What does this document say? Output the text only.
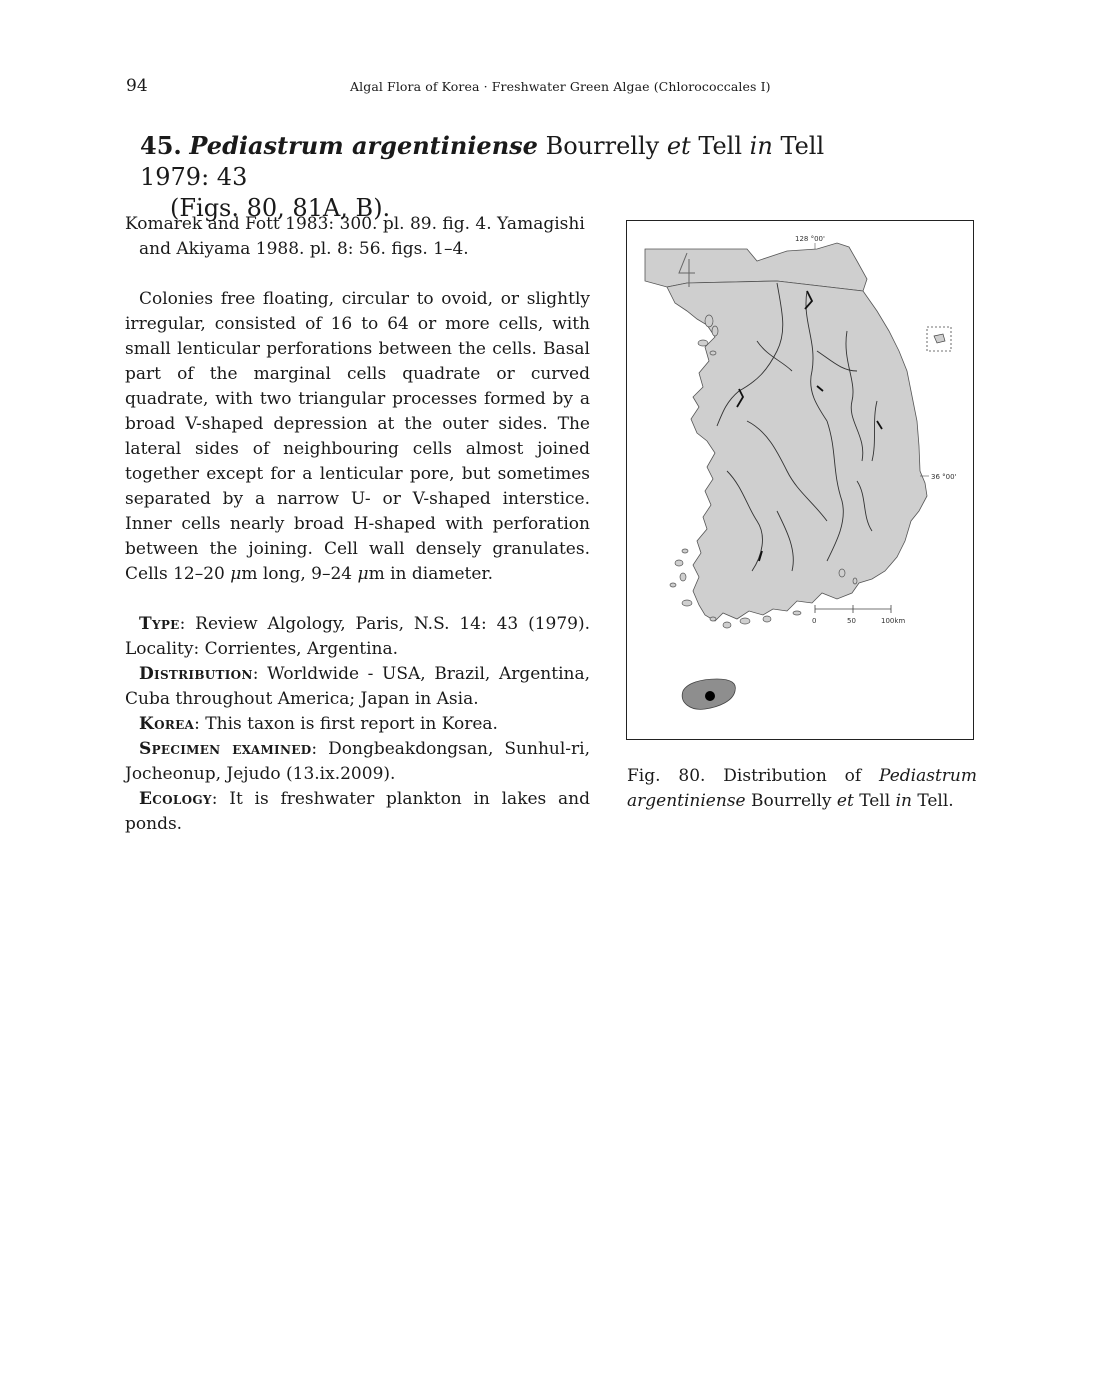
94	Algal Flora of Korea · Freshwater Green Algae (Chlorococcales I)
45. Pediastrum argentiniense Bourrelly et Tell in Tell 1979: 43
(Figs. 80, 81A, B).

Komarek and Fott 1983: 300. pl. 89. fig. 4. Yamagishi and Akiyama 1988. pl. 8: 56. figs. 1–4.

Colonies free floating, circular to ovoid, or slightly irregular, consisted of 16 to 64 or more cells, with small lenticular perforations between the cells. Basal part of the marginal cells quadrate or curved quadrate, with two triangular processes formed by a broad V-shaped depression at the outer sides. The lateral sides of neighbouring cells almost joined together except for a lenticular pore, but sometimes separated by a narrow U- or V-shaped interstice. Inner cells nearly broad H-shaped with perforation between the joining. Cell wall densely granulates. Cells 12–20 μm long, 9–24 μm in diameter.

Type: Review Algology, Paris, N.S. 14: 43 (1979). Locality: Corrientes, Argentina.

Distribution: Worldwide - USA, Brazil, Argentina, Cuba throughout America; Japan in Asia.

Korea: This taxon is first report in Korea.

Specimen examined: Dongbeakdongsan, Sunhul-ri, Jocheonup, Jejudo (13.ix.2009).

Ecology: It is freshwater plankton in lakes and ponds.

128 °00'
36 °00'
0	50	100km
Fig. 80. Distribution of Pediastrum argentiniense Bourrelly et Tell in Tell.
